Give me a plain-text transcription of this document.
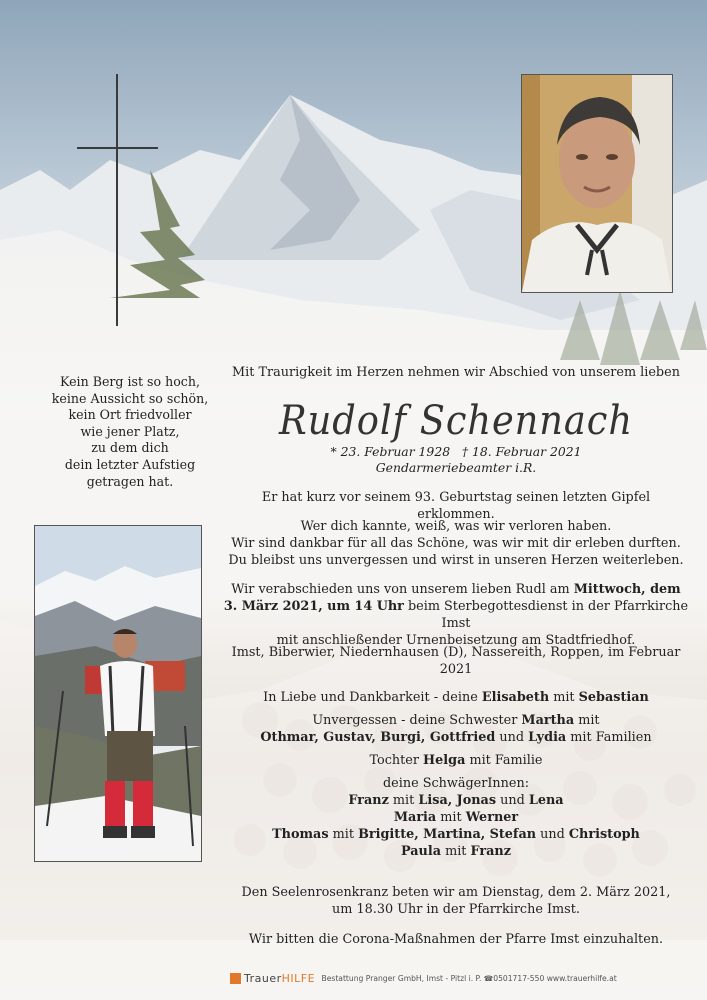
Kein Berg ist so hoch,
keine Aussicht so schön,
kein Ort friedvoller
wie jener Platz,
zu dem dich
dein letzter Aufstieg
getragen hat.
Mit Traurigkeit im Herzen nehmen wir Abschied von unserem lieben
Rudolf Schennach
* 23. Februar 1928   † 18. Februar 2021
Gendarmeriebeamter i.R.
Er hat kurz vor seinem 93. Geburtstag seinen letzten Gipfel erklommen.
Wer dich kannte, weiß, was wir verloren haben.
Wir sind dankbar für all das Schöne, was wir mit dir erleben durften.
Du bleibst uns unvergessen und wirst in unseren Herzen weiterleben.
Wir verabschieden uns von unserem lieben Rudl am Mittwoch, dem
3. März 2021, um 14 Uhr beim Sterbegottesdienst in der Pfarrkirche Imst
mit anschließender Urnenbeisetzung am Stadtfriedhof.
Imst, Biberwier, Niedernhausen (D), Nassereith, Roppen, im Februar 2021
In Liebe und Dankbarkeit - deine Elisabeth mit Sebastian
Unvergessen - deine Schwester Martha mit
Othmar, Gustav, Burgi, Gottfried und Lydia mit Familien
Tochter Helga mit Familie
deine SchwägerInnen:
Franz mit Lisa, Jonas und Lena
Maria mit Werner
Thomas mit Brigitte, Martina, Stefan und Christoph
Paula mit Franz
Den Seelenrosenkranz beten wir am Dienstag, dem 2. März 2021,
um 18.30 Uhr in der Pfarrkirche Imst.
Wir bitten die Corona-Maßnahmen der Pfarre Imst einzuhalten.
TrauerHILFE Bestattung Pranger GmbH, Imst - Pitzl i. P. ☎0501717-550 www.trauerhilfe.at
